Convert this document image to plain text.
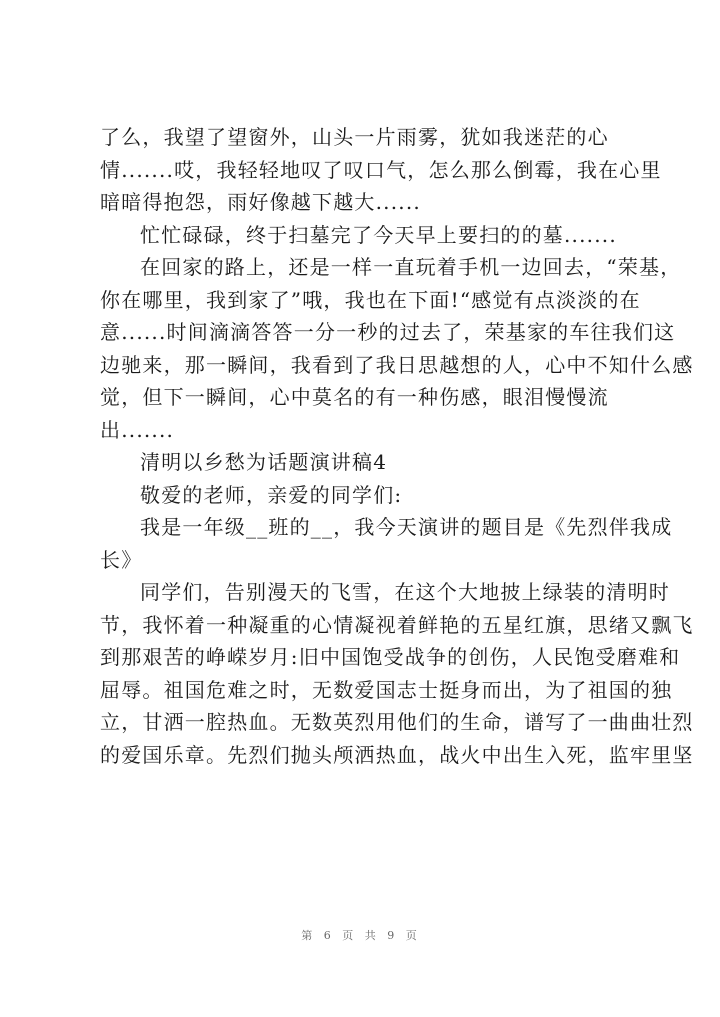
了么，我望了望窗外，山头一片雨雾，犹如我迷茫的心
情.......哎，我轻轻地叹了叹口气，怎么那么倒霉，我在心里
暗暗得抱怨，雨好像越下越大......
忙忙碌碌，终于扫墓完了今天早上要扫的的墓.......
在回家的路上，还是一样一直玩着手机一边回去，“荣基，
你在哪里，我到家了”哦，我也在下面!“感觉有点淡淡的在
意......时间滴滴答答一分一秒的过去了，荣基家的车往我们这
边驰来，那一瞬间，我看到了我日思越想的人，心中不知什么感
觉，但下一瞬间，心中莫名的有一种伤感，眼泪慢慢流
出.......
清明以乡愁为话题演讲稿4
敬爱的老师，亲爱的同学们:
我是一年级__班的__，我今天演讲的题目是《先烈伴我成
长》
同学们，告别漫天的飞雪，在这个大地披上绿装的清明时
节，我怀着一种凝重的心情凝视着鲜艳的五星红旗，思绪又飘飞
到那艰苦的峥嵘岁月:旧中国饱受战争的创伤，人民饱受磨难和
屈辱。祖国危难之时，无数爱国志士挺身而出，为了祖国的独
立，甘洒一腔热血。无数英烈用他们的生命，谱写了一曲曲壮烈
的爱国乐章。先烈们抛头颅洒热血，战火中出生入死，监牢里坚
第 6 页 共 9 页
